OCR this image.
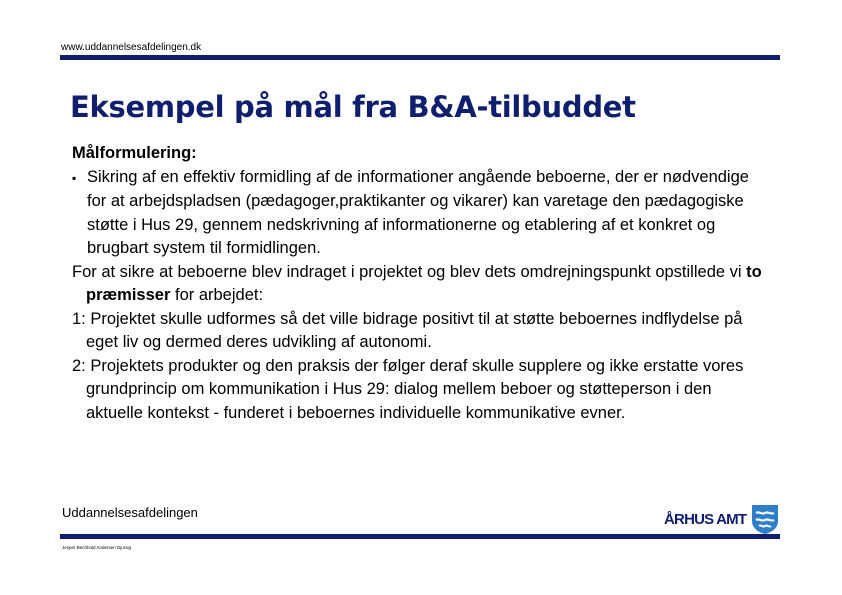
www.uddannelsesafdelingen.dk
Eksempel på mål fra B&A-tilbuddet

Målformulering:

▪ Sikring af en effektiv formidling af de informationer angående beboerne, der er nødvendige for at arbejdspladsen (pædagoger,praktikanter og vikarer) kan varetage den pædagogiske støtte i Hus 29, gennem nedskrivning af informationerne og etablering af et konkret og brugbart system til formidlingen.

For at sikre at beboerne blev indraget i projektet og blev dets omdrejningspunkt opstillede vi to præmisser for arbejdet:

1: Projektet skulle udformes så det ville bidrage positivt til at støtte beboernes indflydelse på eget liv og dermed deres udvikling af autonomi.

2: Projektets produkter og den praksis der følger deraf skulle supplere og ikke erstatte vores grundprincip om kommunikation i Hus 29: dialog mellem beboer og støtteperson i den aktuelle kontekst - funderet i beboernes individuelle kommunikative evner.

Uddannelsesafdelingen
Jesper Bechhold Andersen Djursig
ÅRHUS AMT
